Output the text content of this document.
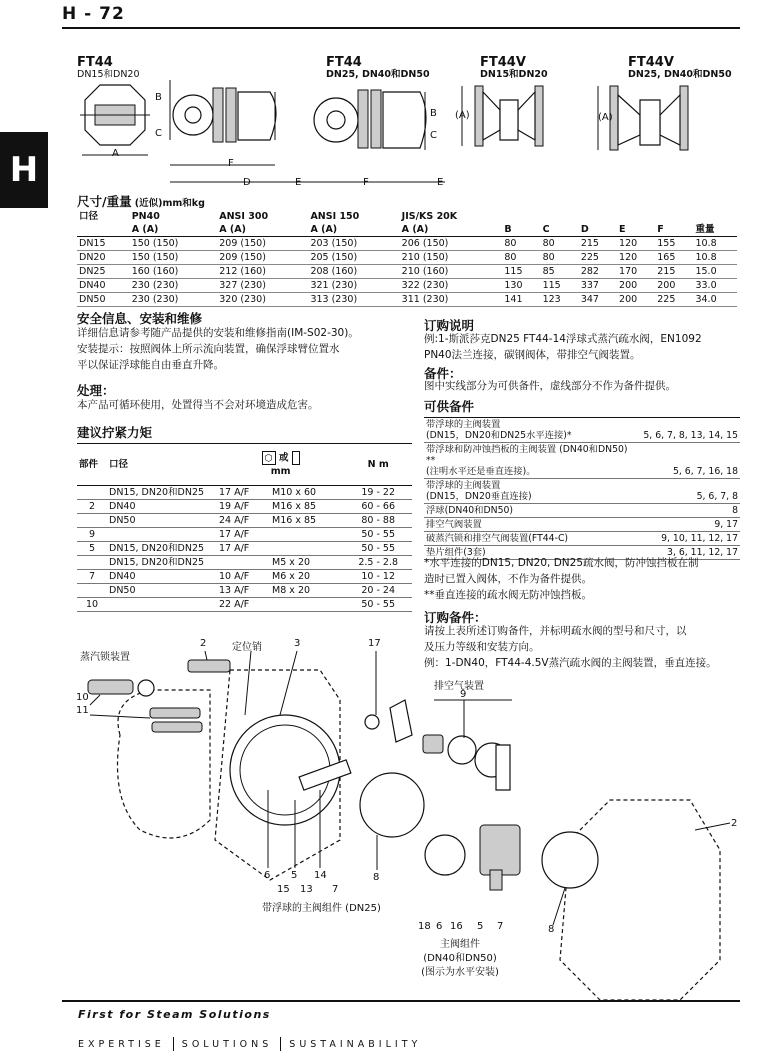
H - 72
H
FT44
DN15和DN20
FT44
DN25, DN40和DN50
FT44V
DN15和DN20
FT44V
DN25, DN40和DN50
A
B
C
F
D	E
B
C
F	E
(A)	(A)
尺寸/重量 (近似)mm和kg
口径	PN40	ANSI 300	ANSI 150	JIS/KS 20K						
	A (A)	A (A)	A (A)	A (A)	B	C	D	E	F	重量
DN15	150 (150)	209 (150)	203 (150)	206 (150)	80	80	215	120	155	10.8
DN20	150 (150)	209 (150)	205 (150)	210 (150)	80	80	225	120	165	10.8
DN25	160 (160)	212 (160)	208 (160)	210 (160)	115	85	282	170	215	15.0
DN40	230 (230)	327 (230)	321 (230)	322 (230)	130	115	337	200	200	33.0
DN50	230 (230)	320 (230)	313 (230)	311 (230)	141	123	347	200	225	34.0
安全信息、安装和维修
详细信息请参考随产品提供的安装和维修指南(IM-S02-30)。
安装提示：按照阀体上所示流向装置，确保浮球臂位置水
平以保证浮球能自由垂直升降。
处理：
本产品可循环使用，处置得当不会对环境造成危害。
建议拧紧力矩
部件	口径	⬡ 或
mm		N m
	DN15, DN20和DN25	17 A/F	M10 x 60	19 - 22
2	DN40	19 A/F	M16 x 85	60 - 66
	DN50	24 A/F	M16 x 85	80 - 88
9		17 A/F		50 - 55
5	DN15, DN20和DN25	17 A/F		50 - 55
	DN15, DN20和DN25		M5 x 20	2.5 - 2.8
7	DN40	10 A/F	M6 x 20	10 - 12
	DN50	13 A/F	M8 x 20	20 - 24
10		22 A/F		50 - 55
订购说明
例:1-斯派莎克DN25 FT44-14浮球式蒸汽疏水阀，EN1092
PN40法兰连接，碳钢阀体，带排空气阀装置。
备件：
图中实线部分为可供备件，虚线部分不作为备件提供。
可供备件
带浮球的主阀装置
(DN15，DN20和DN25水平连接)*	5, 6, 7, 8, 13, 14, 15
带浮球和防冲蚀挡板的主阀装置 (DN40和DN50) **
(注明水平还是垂直连接)。	5, 6, 7, 16, 18
带浮球的主阀装置
(DN15，DN20垂直连接)	5, 6, 7, 8
浮球(DN40和DN50)	8
排空气阀装置	9, 17
破蒸汽锁和排空气阀装置(FT44-C)	9, 10, 11, 12, 17
垫片组件(3套)	3, 6, 11, 12, 17
*水平连接的DN15, DN20, DN25疏水阀，防冲蚀挡板在制
造时已置入阀体，不作为备件提供。
**垂直连接的疏水阀无防冲蚀挡板。
订购备件：
请按上表所述订购备件，并标明疏水阀的型号和尺寸，以
及压力等级和安装方向。
例：1-DN40，FT44-4.5V蒸汽疏水阀的主阀装置，垂直连接。
蒸汽锁装置
定位销
2	3	17
排空气装置
9
10
11
6 5 14	8
15 13 7
带浮球的主阀组件 (DN25)
18 6 16 5 7	8
2
主阀组件
(DN40和DN50)
(图示为水平安装)
First for Steam Solutions
EXPERTISE SOLUTIONS SUSTAINABILITY
